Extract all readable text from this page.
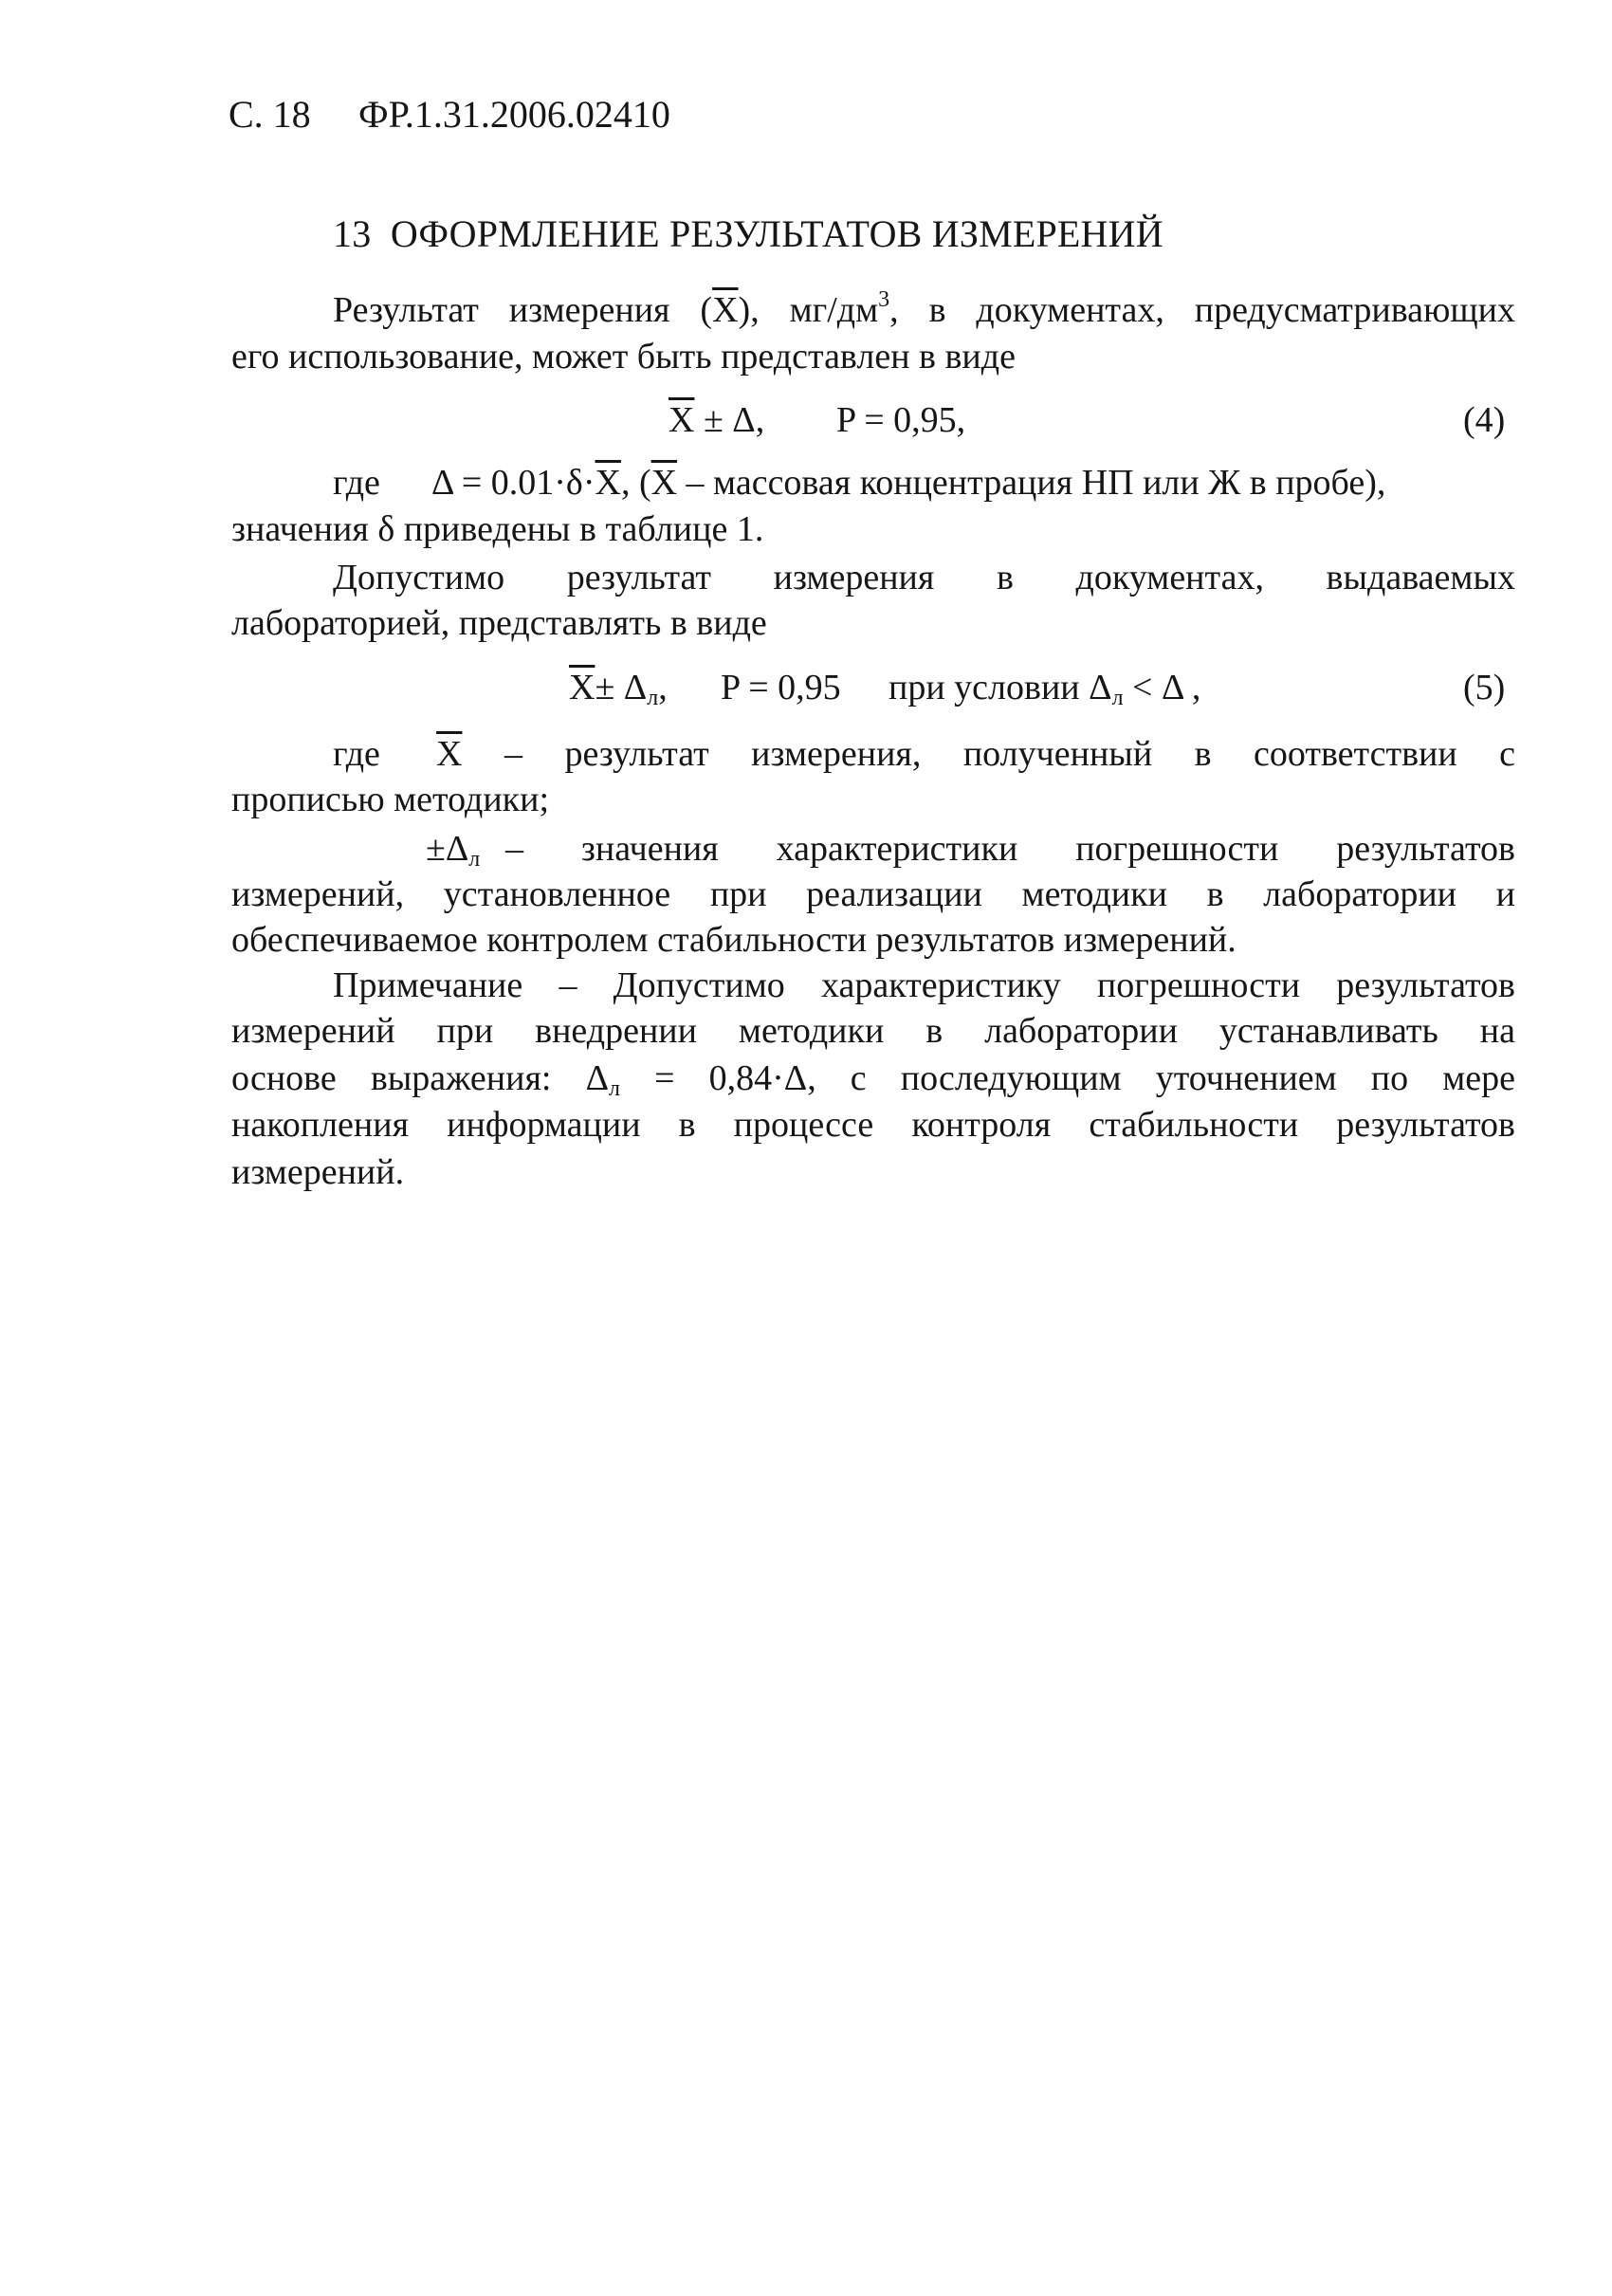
С. 18 ФР.1.31.2006.02410
13 ОФОРМЛЕНИЕ РЕЗУЛЬТАТОВ ИЗМЕРЕНИЙ
Результат измерения $(\overline{X})$, $мг/дм^3$, в документах, предусматривающих
его использование, может быть представлен в виде
$\overline{X} \pm \Delta$, P = 0,95,	(4)
где $\Delta = 0.01\cdot\delta\cdot\overline{X}$, ($\overline{X}$ – массовая концентрация НП или Ж в пробе),
значения δ приведены в таблице 1.
Допустимо результат измерения в документах, выдаваемых
лабораторией, представлять в виде
$\overline{X}\pm \Delta_л$, P = 0,95 при условии $\Delta_л < \Delta$ ,	(5)
где $\overline{X}$ – результат измерения, полученный в соответствии с
прописью методики;
$\pm\Delta_л$ – значения характеристики погрешности результатов
измерений, установленное при реализации методики в лаборатории и
обеспечиваемое контролем стабильности результатов измерений.
Примечание – Допустимо характеристику погрешности результатов
измерений при внедрении методики в лаборатории устанавливать на
основе выражения: $\Delta_л = 0,84\cdot\Delta$, с последующим уточнением по мере
накопления информации в процессе контроля стабильности результатов
измерений.
